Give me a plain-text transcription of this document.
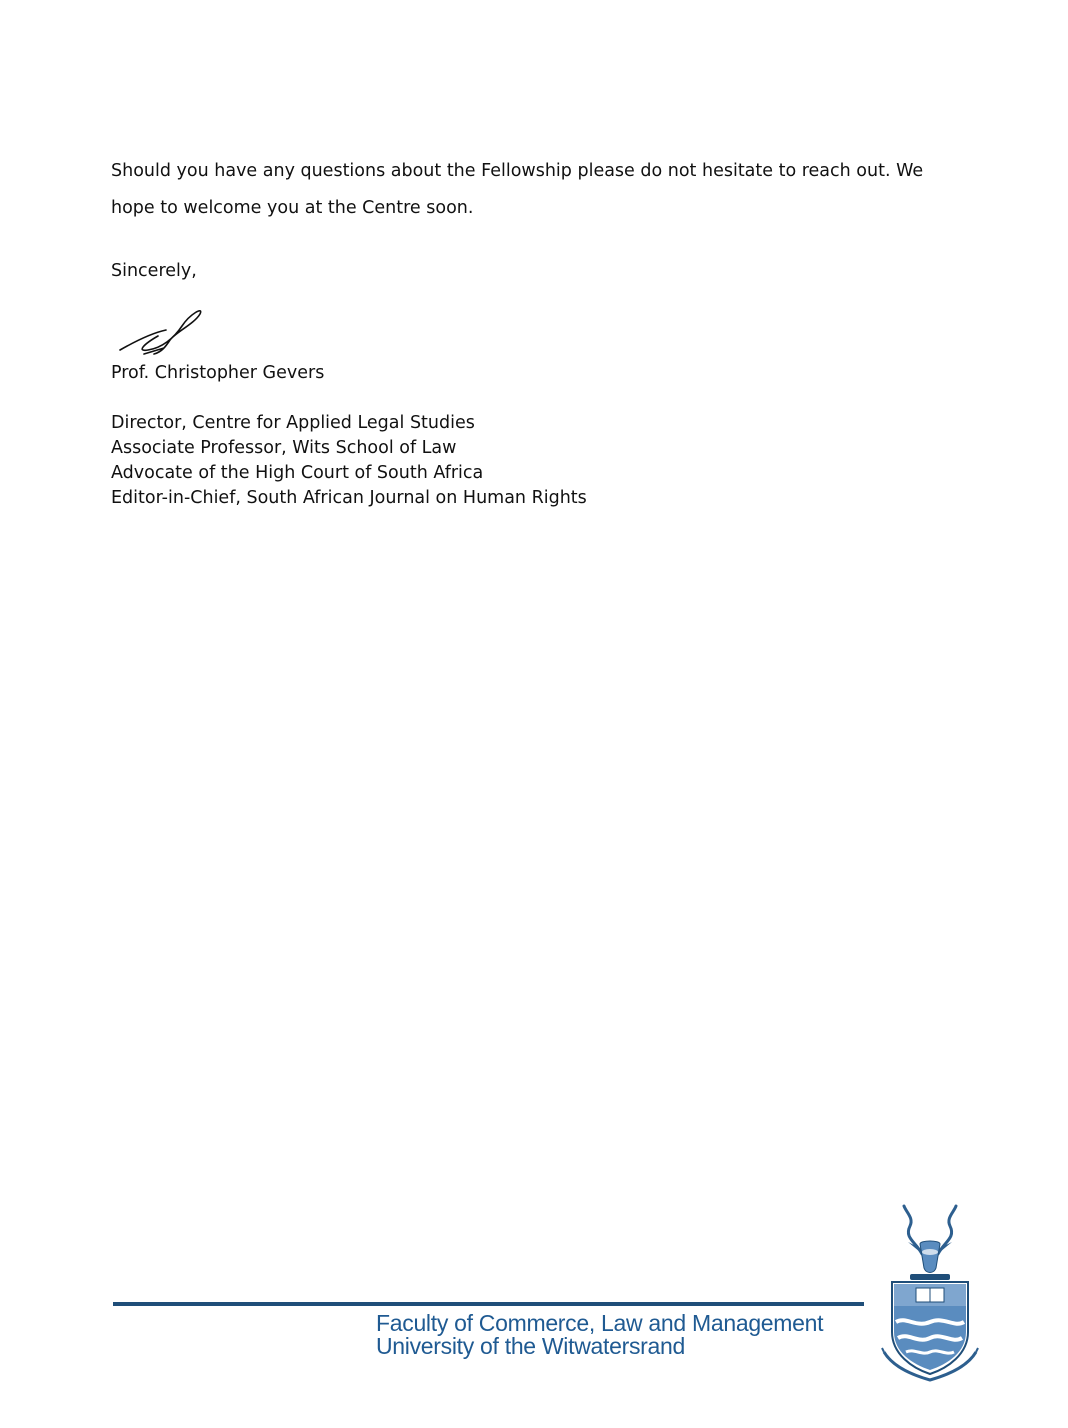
Should you have any questions about the Fellowship please do not hesitate to reach out. We hope to welcome you at the Centre soon.

Sincerely,
Prof. Christopher Gevers
Director, Centre for Applied Legal Studies
Associate Professor, Wits School of Law
Advocate of the High Court of South Africa
Editor-in-Chief, South African Journal on Human Rights
Faculty of Commerce, Law and Management
University of the Witwatersrand
